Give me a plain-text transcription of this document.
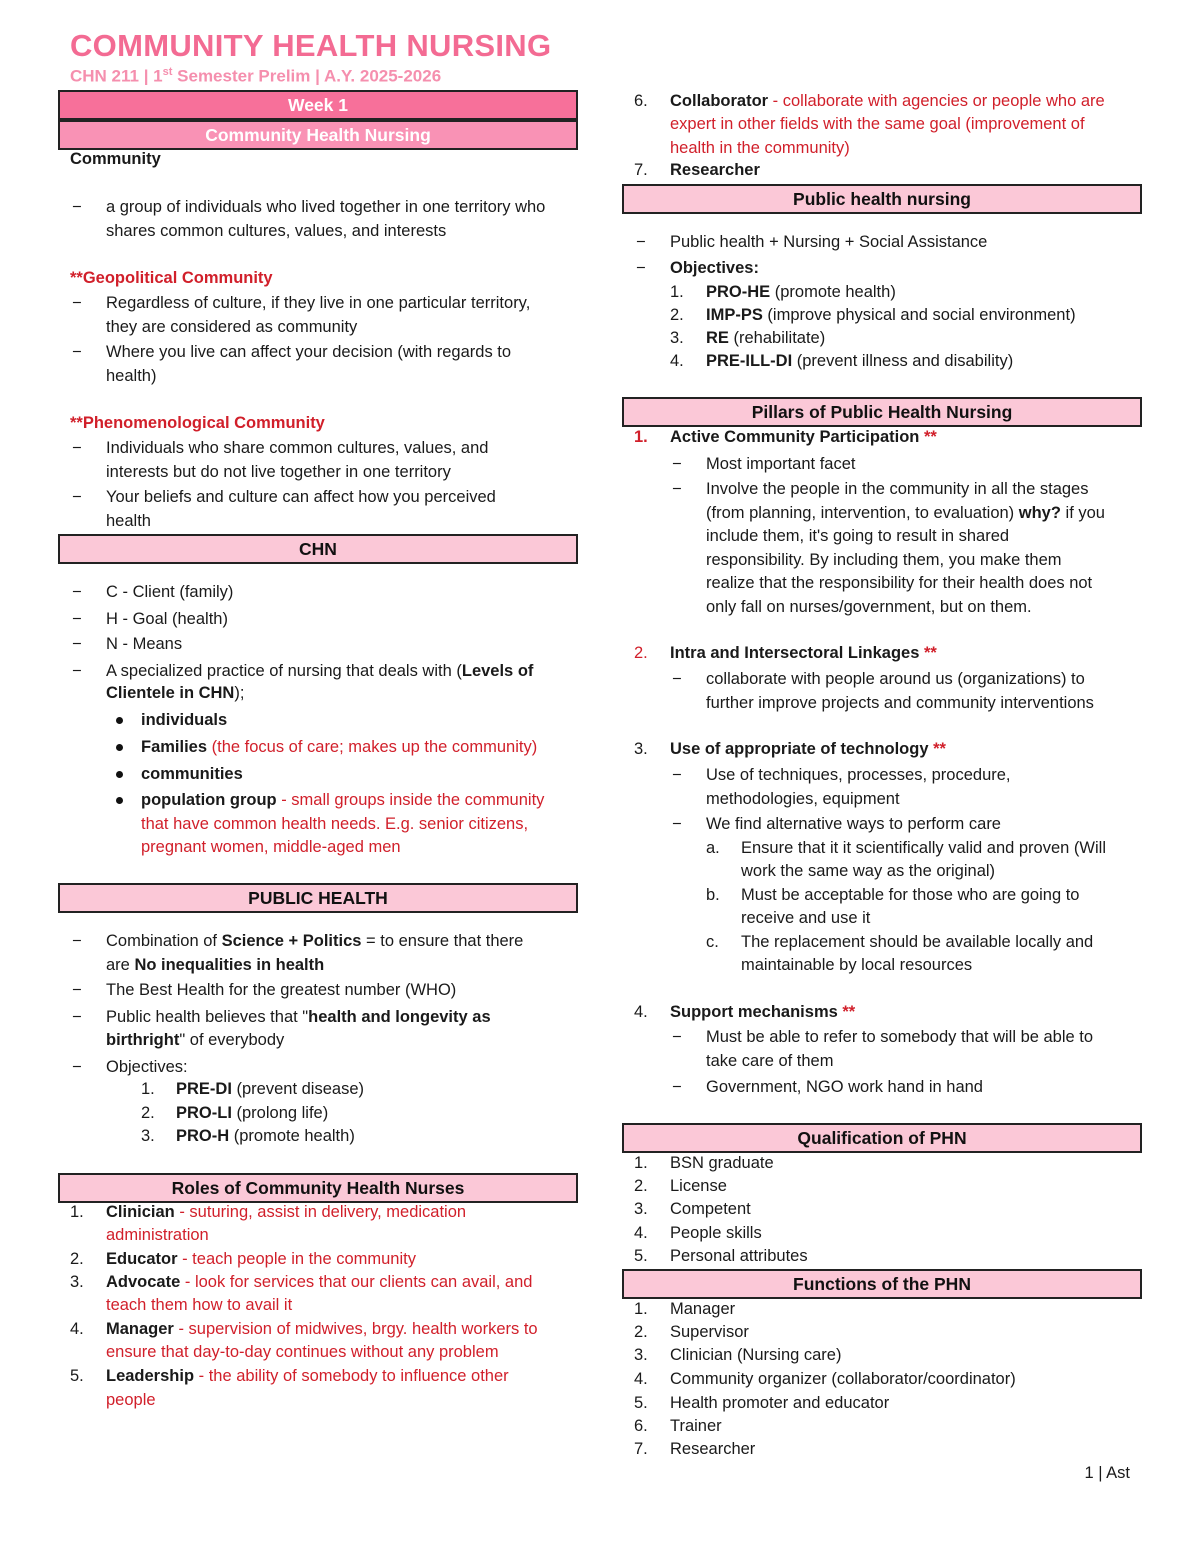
COMMUNITY HEALTH NURSING
CHN 211 | 1st Semester Prelim | A.Y. 2025-2026
Week 1
Community Health Nursing
Community
− a group of individuals who lived together in one territory who
shares common cultures, values, and interests
**Geopolitical Community
− Regardless of culture, if they live in one particular territory,
they are considered as community
− Where you live can affect your decision (with regards to
health)
**Phenomenological Community
− Individuals who share common cultures, values, and
interests but do not live together in one territory
− Your beliefs and culture can affect how you perceived
health
CHN
− C - Client (family)
− H - Goal (health)
− N - Means
− A specialized practice of nursing that deals with (Levels of
Clientele in CHN);
individuals
Families (the focus of care; makes up the community)
communities
population group - small groups inside the community
that have common health needs. E.g. senior citizens,
pregnant women, middle-aged men
PUBLIC HEALTH
− Combination of Science + Politics = to ensure that there
are No inequalities in health
− The Best Health for the greatest number (WHO)
− Public health believes that "health and longevity as
birthright" of everybody
− Objectives:
1. PRE-DI (prevent disease)
2. PRO-LI (prolong life)
3. PRO-H (promote health)
Roles of Community Health Nurses
1. Clinician - suturing, assist in delivery, medication
administration
2. Educator - teach people in the community
3. Advocate - look for services that our clients can avail, and
teach them how to avail it
4. Manager - supervision of midwives, brgy. health workers to
ensure that day-to-day continues without any problem
5. Leadership - the ability of somebody to influence other
people
6. Collaborator - collaborate with agencies or people who are
expert in other fields with the same goal (improvement of
health in the community)
7. Researcher
Public health nursing
− Public health + Nursing + Social Assistance
− Objectives:
1. PRO-HE (promote health)
2. IMP-PS (improve physical and social environment)
3. RE (rehabilitate)
4. PRE-ILL-DI (prevent illness and disability)
Pillars of Public Health Nursing
1. Active Community Participation **
− Most important facet
− Involve the people in the community in all the stages
(from planning, intervention, to evaluation) why? if you
include them, it's going to result in shared
responsibility. By including them, you make them
realize that the responsibility for their health does not
only fall on nurses/government, but on them.
2. Intra and Intersectoral Linkages **
− collaborate with people around us (organizations) to
further improve projects and community interventions
3. Use of appropriate of technology **
− Use of techniques, processes, procedure,
methodologies, equipment
− We find alternative ways to perform care
a. Ensure that it it scientifically valid and proven (Will
work the same way as the original)
b. Must be acceptable for those who are going to
receive and use it
c. The replacement should be available locally and
maintainable by local resources
4. Support mechanisms **
− Must be able to refer to somebody that will be able to
take care of them
− Government, NGO work hand in hand
Qualification of PHN
1. BSN graduate
2. License
3. Competent
4. People skills
5. Personal attributes
Functions of the PHN
1. Manager
2. Supervisor
3. Clinician (Nursing care)
4. Community organizer (collaborator/coordinator)
5. Health promoter and educator
6. Trainer
7. Researcher
1 | Ast
